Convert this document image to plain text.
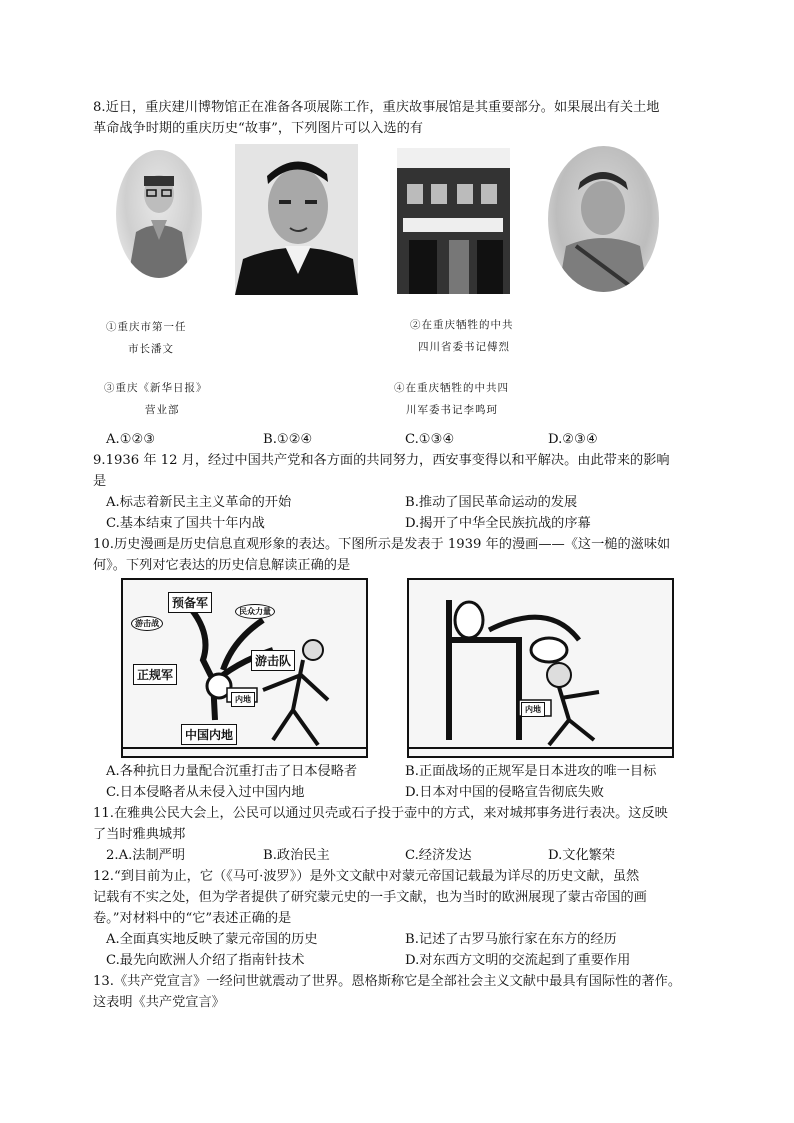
8.近日，重庆建川博物馆正在准备各项展陈工作，重庆故事展馆是其重要部分。如果展出有关土地
革命战争时期的重庆历史“故事”，下列图片可以入选的有
①重庆市第一任
市长潘文
②在重庆牺牲的中共
四川省委书记傅烈
③重庆《新华日报》
营业部
④在重庆牺牲的中共四
川军委书记李鸣珂
A.①②③	B.①②④	C.①③④	D.②③④
9.1936 年 12 月，经过中国共产党和各方面的共同努力，西安事变得以和平解决。由此带来的影响
是
A.标志着新民主主义革命的开始	B.推动了国民革命运动的发展
C.基本结束了国共十年内战	D.揭开了中华全民族抗战的序幕
10.历史漫画是历史信息直观形象的表达。下图所示是发表于 1939 年的漫画——《这一槌的滋味如
何》。下列对它表达的历史信息解读正确的是
预备军
游击队
正规军
中国内地
游击战
民众力量
内地
内地
A.各种抗日力量配合沉重打击了日本侵略者	B.正面战场的正规军是日本进攻的唯一目标
C.日本侵略者从未侵入过中国内地	D.日本对中国的侵略宣告彻底失败
11.在雅典公民大会上，公民可以通过贝壳或石子投于壶中的方式，来对城邦事务进行表决。这反映
了当时雅典城邦
2.A.法制严明	B.政治民主	C.经济发达	D.文化繁荣
12.“到目前为止，它（《马可·波罗》）是外文文献中对蒙元帝国记载最为详尽的历史文献，虽然
记载有不实之处，但为学者提供了研究蒙元史的一手文献，也为当时的欧洲展现了蒙古帝国的画
卷。”对材料中的“它”表述正确的是
A.全面真实地反映了蒙元帝国的历史	B.记述了古罗马旅行家在东方的经历
C.最先向欧洲人介绍了指南针技术	D.对东西方文明的交流起到了重要作用
13.《共产党宣言》一经问世就震动了世界。恩格斯称它是全部社会主义文献中最具有国际性的著作。
这表明《共产党宣言》
